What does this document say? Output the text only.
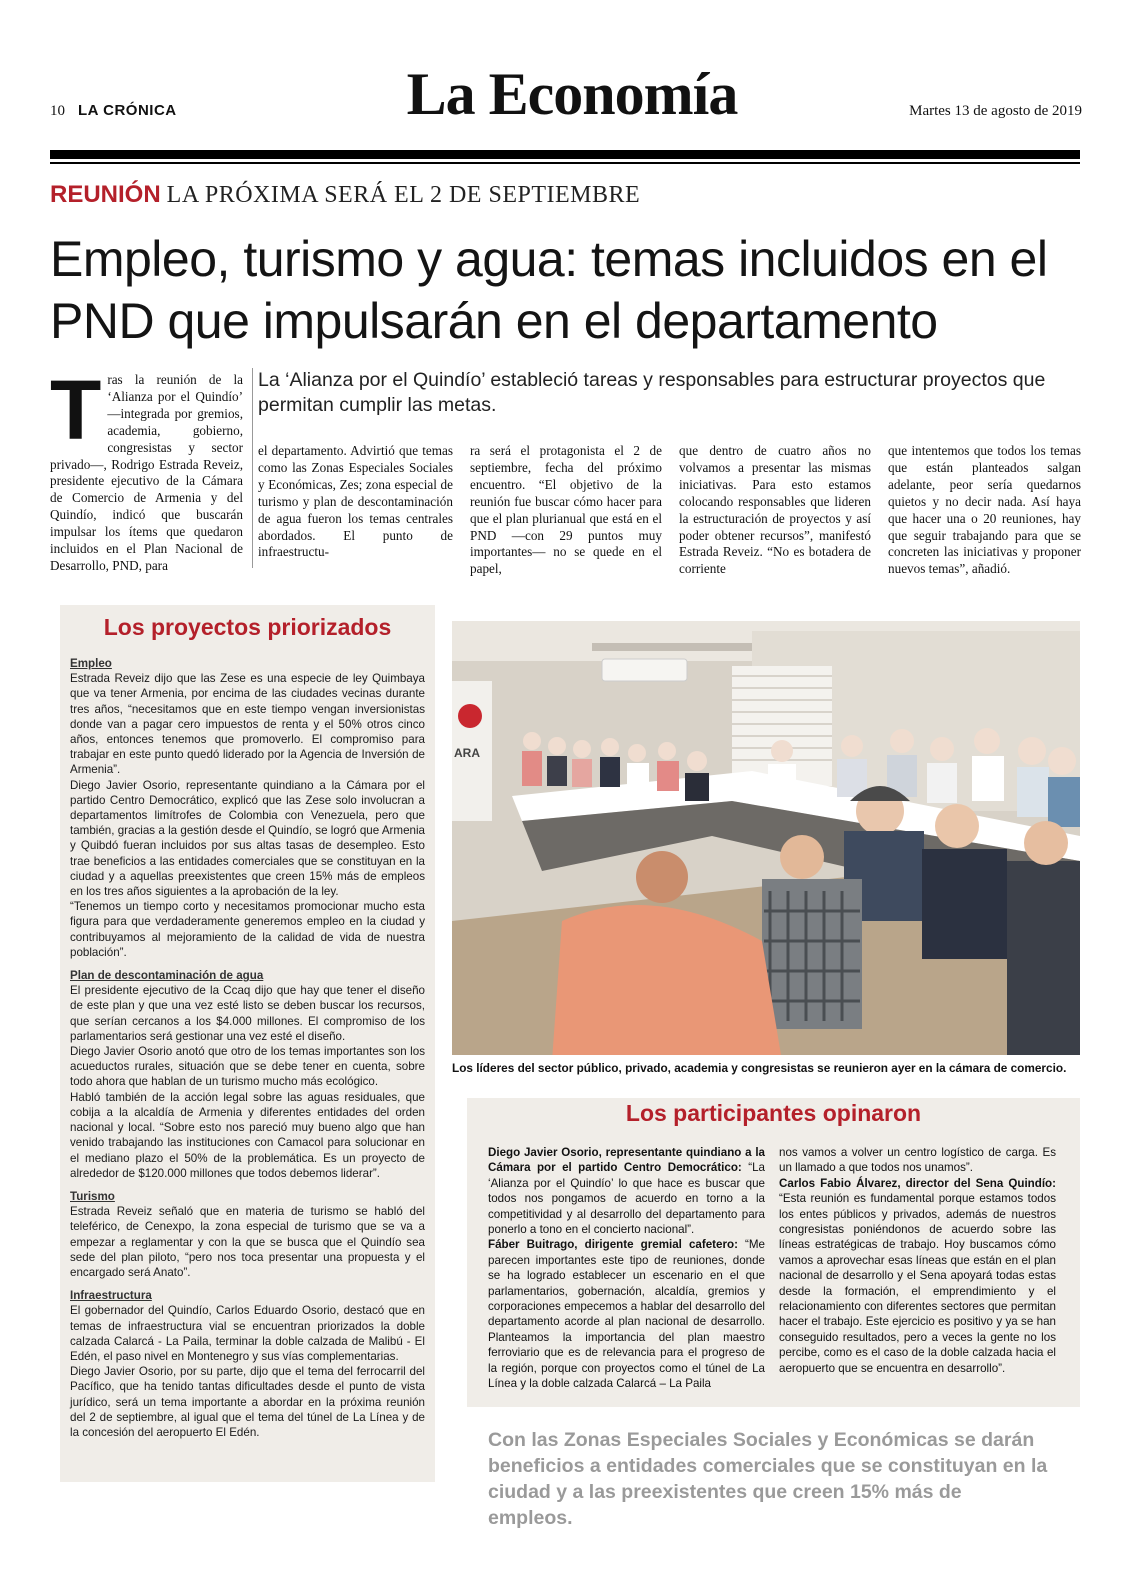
10 LA CRÓNICA	La Economía	Martes 13 de agosto de 2019
REUNIÓN LA PRÓXIMA SERÁ EL 2 DE SEPTIEMBRE
Empleo, turismo y agua: temas incluidos en el PND que impulsarán en el departamento
Tras la reunión de la ‘Alianza por el Quindío’ —integrada por gremios, academia, gobierno, congresistas y sector privado—, Rodrigo Estrada Reveiz, presidente ejecutivo de la Cámara de Comercio de Armenia y del Quindío, indicó que buscarán impulsar los ítems que quedaron incluidos en el Plan Nacional de Desarrollo, PND, para
La ‘Alianza por el Quindío’ estableció tareas y responsables para estructurar proyectos que permitan cumplir las metas.
el departamento. Advirtió que temas como las Zonas Especiales Sociales y Económicas, Zes; zona especial de turismo y plan de descontaminación de agua fueron los temas centrales abordados. El punto de infraestructu-
ra será el protagonista el 2 de septiembre, fecha del próximo encuentro. “El objetivo de la reunión fue buscar cómo hacer para que el plan plurianual que está en el PND —con 29 puntos muy importantes— no se quede en el papel,
que dentro de cuatro años no volvamos a presentar las mismas iniciativas. Para esto estamos colocando responsables que lideren la estructuración de proyectos y así poder obtener recursos”, manifestó Estrada Reveiz. “No es botadera de corriente
que intentemos que todos los temas que están planteados salgan adelante, peor sería quedarnos quietos y no decir nada. Así haya que hacer una o 20 reuniones, hay que seguir trabajando para que se concreten las iniciativas y proponer nuevos temas”, añadió.
Los proyectos priorizados
Empleo

Estrada Reveiz dijo que las Zese es una especie de ley Quimbaya que va tener Armenia, por encima de las ciudades vecinas durante tres años, “necesitamos que en este tiempo vengan inversionistas donde van a pagar cero impuestos de renta y el 50% otros cinco años, entonces tenemos que promoverlo. El compromiso para trabajar en este punto quedó liderado por la Agencia de Inversión de Armenia”.

Diego Javier Osorio, representante quindiano a la Cámara por el partido Centro Democrático, explicó que las Zese solo involucran a departamentos limítrofes de Colombia con Venezuela, pero que también, gracias a la gestión desde el Quindío, se logró que Armenia y Quibdó fueran incluidos por sus altas tasas de desempleo. Esto trae beneficios a las entidades comerciales que se constituyan en la ciudad y a aquellas preexistentes que creen 15% más de empleos en los tres años siguientes a la aprobación de la ley.

“Tenemos un tiempo corto y necesitamos promocionar mucho esta figura para que verdaderamente generemos empleo en la ciudad y contribuyamos al mejoramiento de la calidad de vida de nuestra población”.

Plan de descontaminación de agua

El presidente ejecutivo de la Ccaq dijo que hay que tener el diseño de este plan y que una vez esté listo se deben buscar los recursos, que serían cercanos a los $4.000 millones. El compromiso de los parlamentarios será gestionar una vez esté el diseño.

Diego Javier Osorio anotó que otro de los temas importantes son los acueductos rurales, situación que se debe tener en cuenta, sobre todo ahora que hablan de un turismo mucho más ecológico.

Habló también de la acción legal sobre las aguas residuales, que cobija a la alcaldía de Armenia y diferentes entidades del orden nacional y local. “Sobre esto nos pareció muy bueno algo que han venido trabajando las instituciones con Camacol para solucionar en el mediano plazo el 50% de la problemática. Es un proyecto de alrededor de $120.000 millones que todos debemos liderar”.

Turismo

Estrada Reveiz señaló que en materia de turismo se habló del teleférico, de Cenexpo, la zona especial de turismo que se va a empezar a reglamentar y con la que se busca que el Quindío sea sede del plan piloto, “pero nos toca presentar una propuesta y el encargado será Anato”.

Infraestructura

El gobernador del Quindío, Carlos Eduardo Osorio, destacó que en temas de infraestructura vial se encuentran priorizados la doble calzada Calarcá - La Paila, terminar la doble calzada de Malibú - El Edén, el paso nivel en Montenegro y sus vías complementarias.

Diego Javier Osorio, por su parte, dijo que el tema del ferrocarril del Pacífico, que ha tenido tantas dificultades desde el punto de vista jurídico, será un tema importante a abordar en la próxima reunión del 2 de septiembre, al igual que el tema del túnel de La Línea y de la concesión del aeropuerto El Edén.

ARA
Los líderes del sector público, privado, academia y congresistas se reunieron ayer en la cámara de comercio.
Los participantes opinaron

Diego Javier Osorio, representante quindiano a la Cámara por el partido Centro Democrático: “La ‘Alianza por el Quindío’ lo que hace es buscar que todos nos pongamos de acuerdo en torno a la competitividad y al desarrollo del departamento para ponerlo a tono en el concierto nacional”.

Fáber Buitrago, dirigente gremial cafetero: “Me parecen importantes este tipo de reuniones, donde se ha logrado establecer un escenario en el que parlamentarios, gobernación, alcaldía, gremios y corporaciones empecemos a hablar del desarrollo del departamento acorde al plan nacional de desarrollo. Planteamos la importancia del plan maestro ferroviario que es de relevancia para el progreso de la región, porque con proyectos como el túnel de La Línea y la doble calzada Calarcá – La Paila

nos vamos a volver un centro logístico de carga. Es un llamado a que todos nos unamos”.

Carlos Fabio Álvarez, director del Sena Quindío: “Esta reunión es fundamental porque estamos todos los entes públicos y privados, además de nuestros congresistas poniéndonos de acuerdo sobre las líneas estratégicas de trabajo. Hoy buscamos cómo vamos a aprovechar esas líneas que están en el plan nacional de desarrollo y el Sena apoyará todas estas desde la formación, el emprendimiento y el relacionamiento con diferentes sectores que permitan hacer el trabajo. Este ejercicio es positivo y ya se han conseguido resultados, pero a veces la gente no los percibe, como es el caso de la doble calzada hacia el aeropuerto que se encuentra en desarrollo”.

Con las Zonas Especiales Sociales y Económicas se darán beneficios a entidades comerciales que se constituyan en la ciudad y a las preexistentes que creen 15% más de empleos.
